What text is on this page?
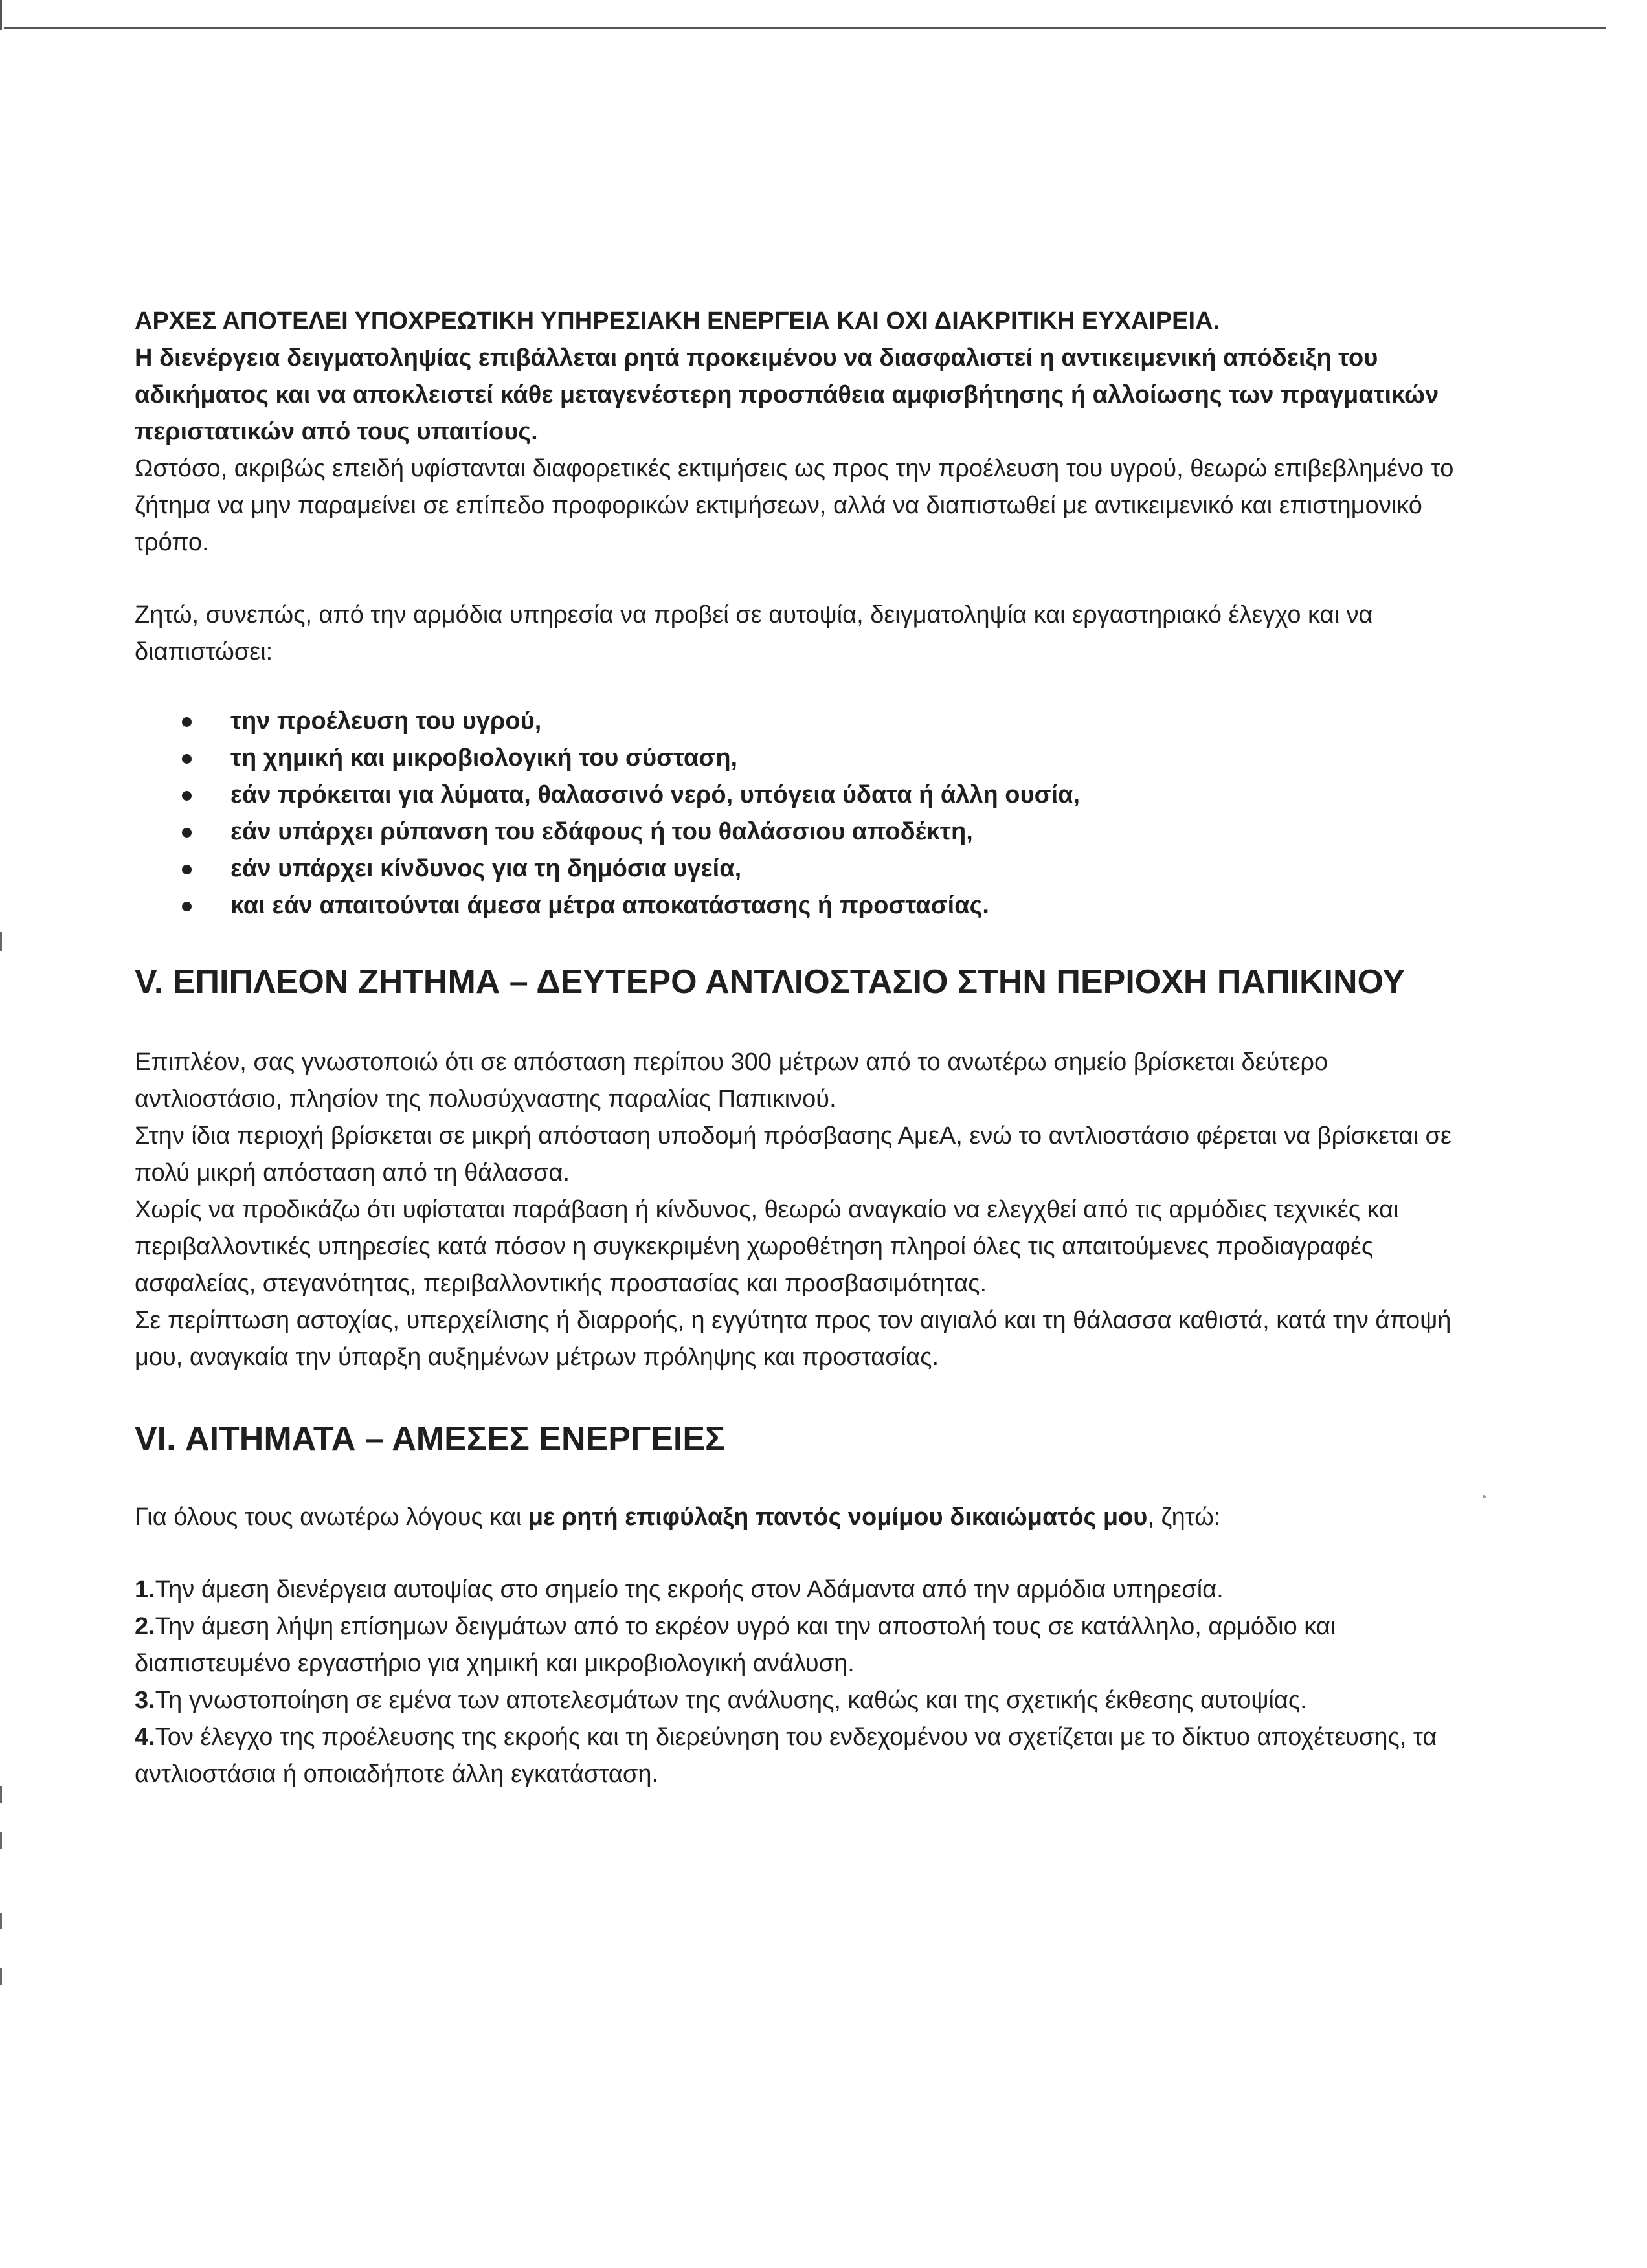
ΑΡΧΕΣ ΑΠΟΤΕΛΕΙ ΥΠΟΧΡΕΩΤΙΚΗ ΥΠΗΡΕΣΙΑΚΗ ΕΝΕΡΓΕΙΑ ΚΑΙ ΟΧΙ ΔΙΑΚΡΙΤΙΚΗ ΕΥΧΑΙΡΕΙΑ.

Η διενέργεια δειγματοληψίας επιβάλλεται ρητά προκειμένου να διασφαλιστεί η αντικειμενική απόδειξη του αδικήματος και να αποκλειστεί κάθε μεταγενέστερη προσπάθεια αμφισβήτησης ή αλλοίωσης των πραγματικών περιστατικών από τους υπαιτίους.

Ωστόσο, ακριβώς επειδή υφίστανται διαφορετικές εκτιμήσεις ως προς την προέλευση του υγρού, θεωρώ επιβεβλημένο το ζήτημα να μην παραμείνει σε επίπεδο προφορικών εκτιμήσεων, αλλά να διαπιστωθεί με αντικειμενικό και επιστημονικό τρόπο.

Ζητώ, συνεπώς, από την αρμόδια υπηρεσία να προβεί σε αυτοψία, δειγματοληψία και εργαστηριακό έλεγχο και να διαπιστώσει:

την προέλευση του υγρού,
τη χημική και μικροβιολογική του σύσταση,
εάν πρόκειται για λύματα, θαλασσινό νερό, υπόγεια ύδατα ή άλλη ουσία,
εάν υπάρχει ρύπανση του εδάφους ή του θαλάσσιου αποδέκτη,
εάν υπάρχει κίνδυνος για τη δημόσια υγεία,
και εάν απαιτούνται άμεσα μέτρα αποκατάστασης ή προστασίας.
V. ΕΠΙΠΛΕΟΝ ΖΗΤΗΜΑ – ΔΕΥΤΕΡΟ ΑΝΤΛΙΟΣΤΑΣΙΟ ΣΤΗΝ ΠΕΡΙΟΧΗ ΠΑΠΙΚΙΝΟΥ

Επιπλέον, σας γνωστοποιώ ότι σε απόσταση περίπου 300 μέτρων από το ανωτέρω σημείο βρίσκεται δεύτερο αντλιοστάσιο, πλησίον της πολυσύχναστης παραλίας Παπικινού.

Στην ίδια περιοχή βρίσκεται σε μικρή απόσταση υποδομή πρόσβασης ΑμεΑ, ενώ το αντλιοστάσιο φέρεται να βρίσκεται σε πολύ μικρή απόσταση από τη θάλασσα.

Χωρίς να προδικάζω ότι υφίσταται παράβαση ή κίνδυνος, θεωρώ αναγκαίο να ελεγχθεί από τις αρμόδιες τεχνικές και περιβαλλοντικές υπηρεσίες κατά πόσον η συγκεκριμένη χωροθέτηση πληροί όλες τις απαιτούμενες προδιαγραφές ασφαλείας, στεγανότητας, περιβαλλοντικής προστασίας και προσβασιμότητας.

Σε περίπτωση αστοχίας, υπερχείλισης ή διαρροής, η εγγύτητα προς τον αιγιαλό και τη θάλασσα καθιστά, κατά την άποψή μου, αναγκαία την ύπαρξη αυξημένων μέτρων πρόληψης και προστασίας.

VI. ΑΙΤΗΜΑΤΑ – ΑΜΕΣΕΣ ΕΝΕΡΓΕΙΕΣ

Για όλους τους ανωτέρω λόγους και με ρητή επιφύλαξη παντός νομίμου δικαιώματός μου, ζητώ:

1.Την άμεση διενέργεια αυτοψίας στο σημείο της εκροής στον Αδάμαντα από την αρμόδια υπηρεσία.

2.Την άμεση λήψη επίσημων δειγμάτων από το εκρέον υγρό και την αποστολή τους σε κατάλληλο, αρμόδιο και διαπιστευμένο εργαστήριο για χημική και μικροβιολογική ανάλυση.

3.Τη γνωστοποίηση σε εμένα των αποτελεσμάτων της ανάλυσης, καθώς και της σχετικής έκθεσης αυτοψίας.

4.Τον έλεγχο της προέλευσης της εκροής και τη διερεύνηση του ενδεχομένου να σχετίζεται με το δίκτυο αποχέτευσης, τα αντλιοστάσια ή οποιαδήποτε άλλη εγκατάσταση.
